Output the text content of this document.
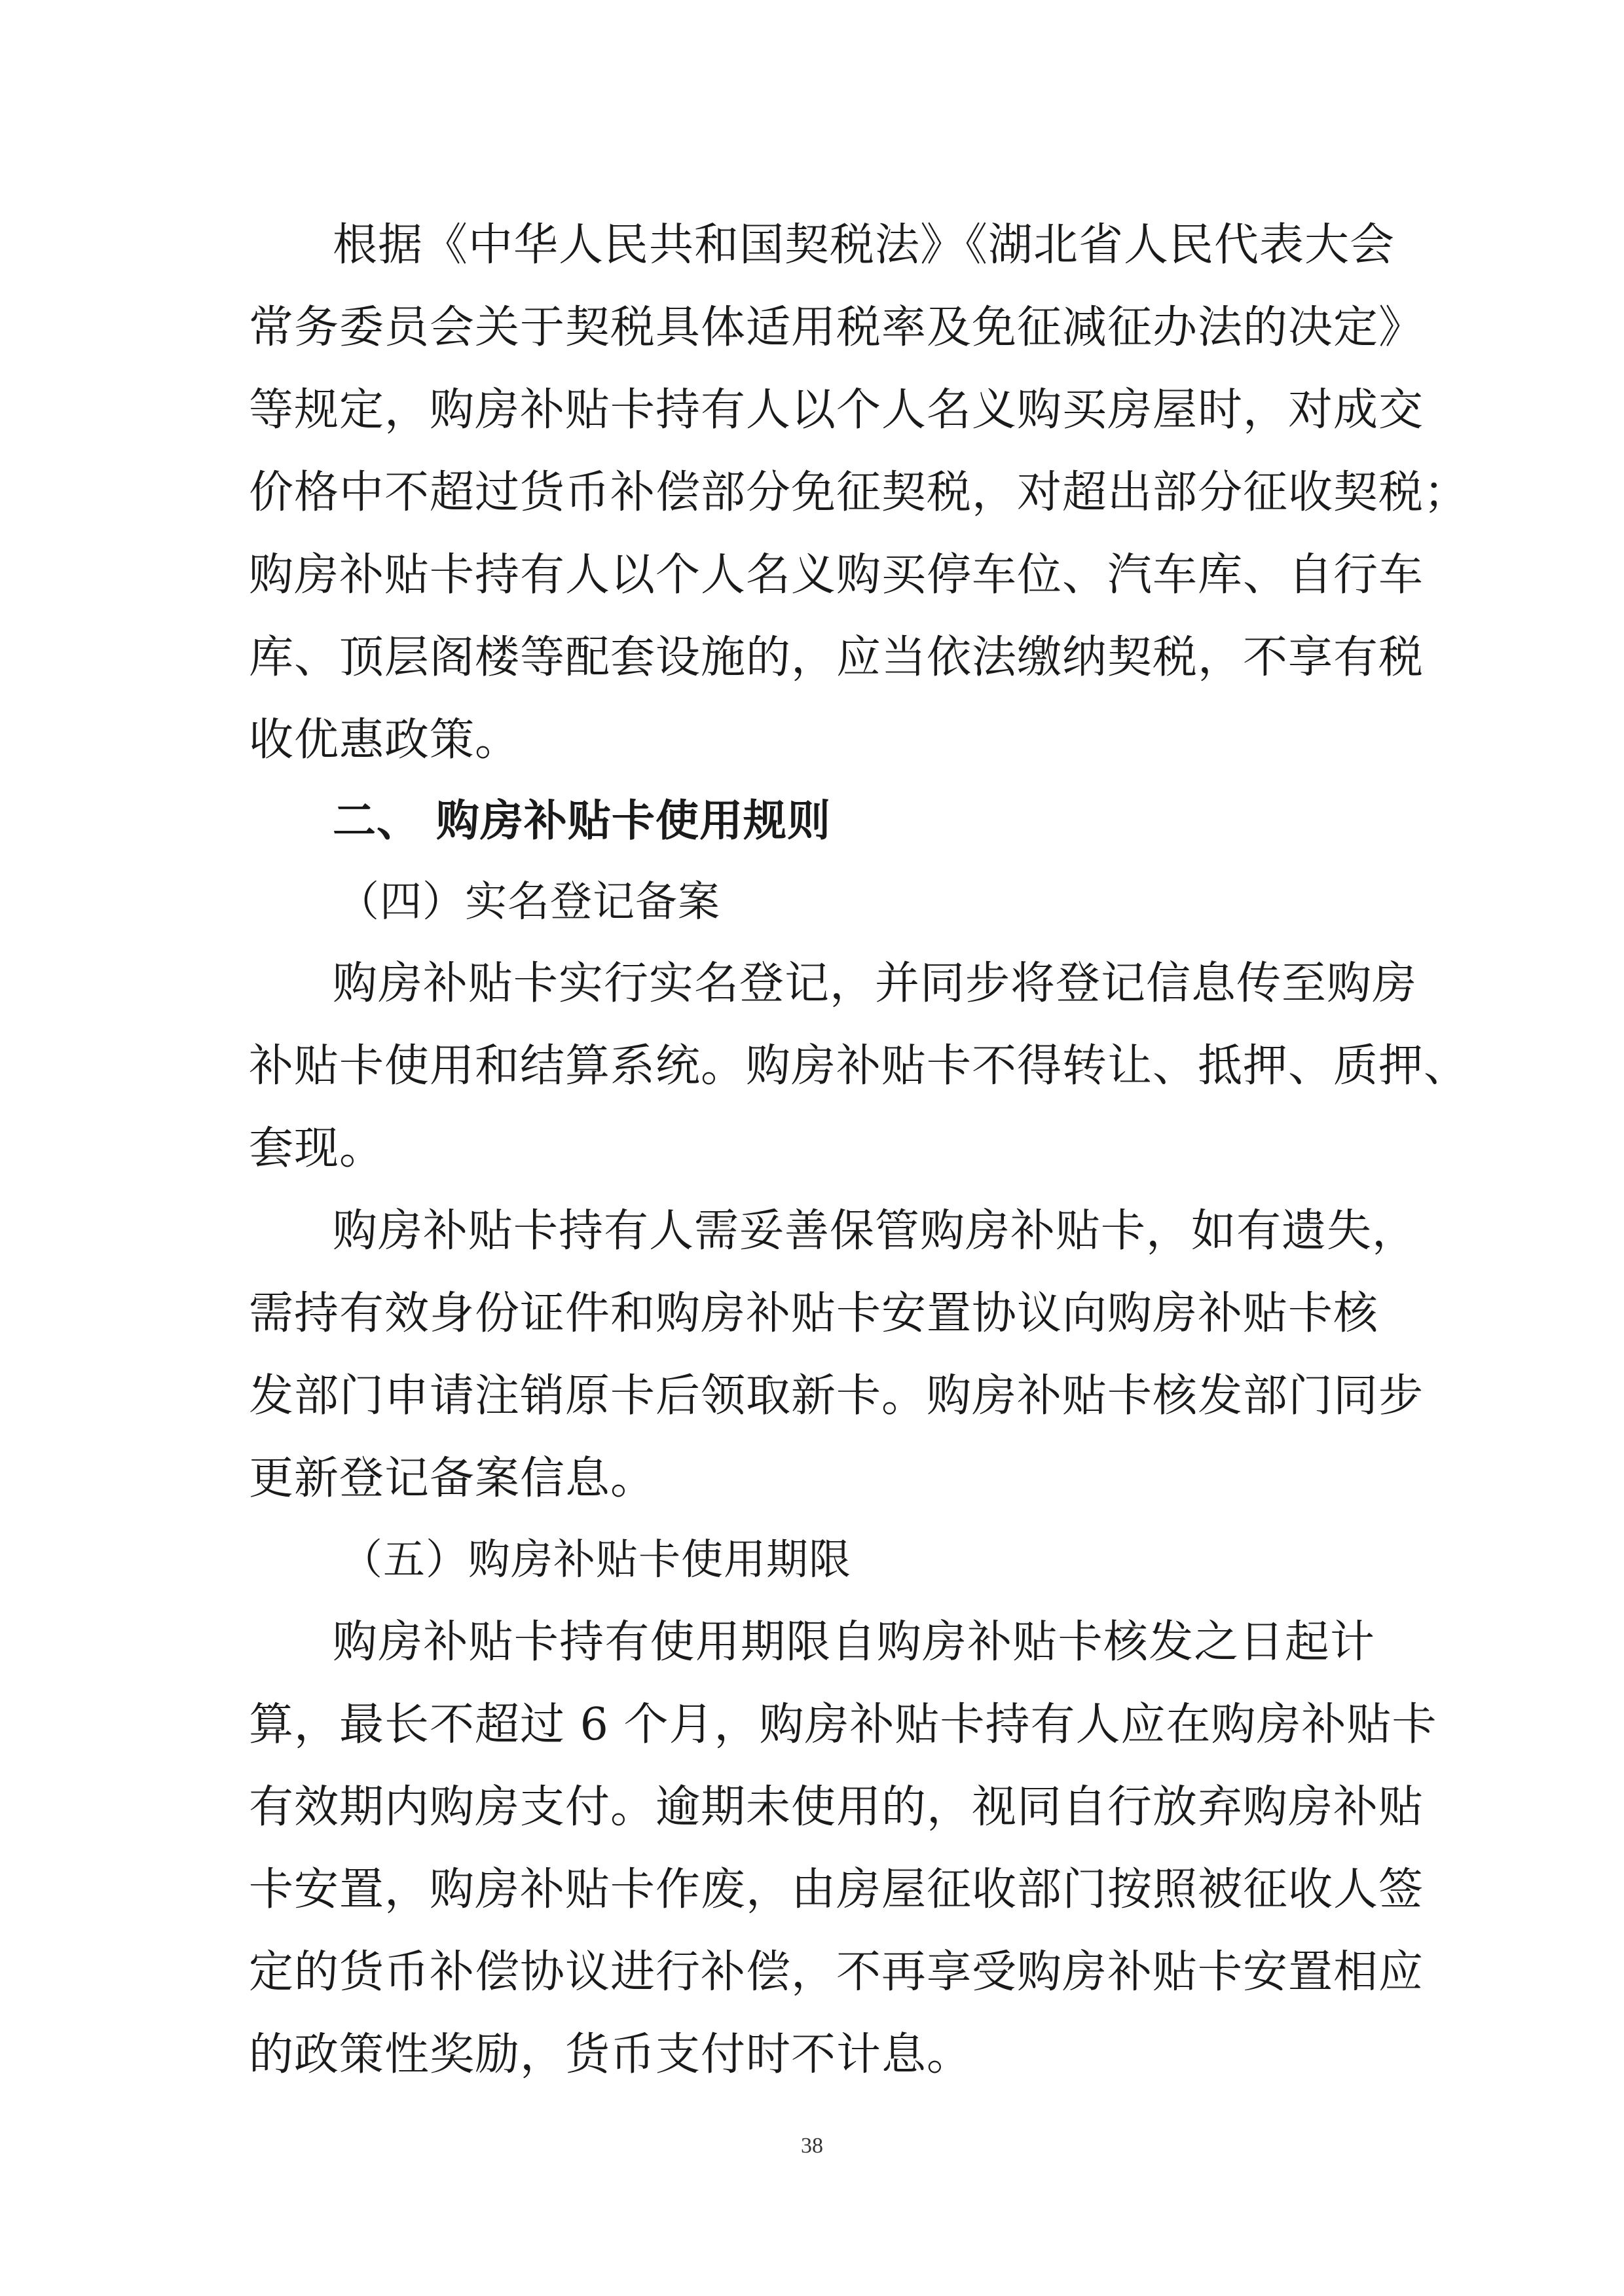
根据《中华人民共和国契税法》《湖北省人民代表大会
常务委员会关于契税具体适用税率及免征减征办法的决定》
等规定，购房补贴卡持有人以个人名义购买房屋时，对成交
价格中不超过货币补偿部分免征契税，对超出部分征收契税；
购房补贴卡持有人以个人名义购买停车位、汽车库、自行车
库、顶层阁楼等配套设施的，应当依法缴纳契税，不享有税
收优惠政策。
二、 购房补贴卡使用规则
（四）实名登记备案
购房补贴卡实行实名登记，并同步将登记信息传至购房
补贴卡使用和结算系统。购房补贴卡不得转让、抵押、质押、
套现。
购房补贴卡持有人需妥善保管购房补贴卡，如有遗失，
需持有效身份证件和购房补贴卡安置协议向购房补贴卡核
发部门申请注销原卡后领取新卡。购房补贴卡核发部门同步
更新登记备案信息。
（五）购房补贴卡使用期限
购房补贴卡持有使用期限自购房补贴卡核发之日起计
算，最长不超过 6 个月，购房补贴卡持有人应在购房补贴卡
有效期内购房支付。逾期未使用的，视同自行放弃购房补贴
卡安置，购房补贴卡作废，由房屋征收部门按照被征收人签
定的货币补偿协议进行补偿，不再享受购房补贴卡安置相应
的政策性奖励，货币支付时不计息。
38
